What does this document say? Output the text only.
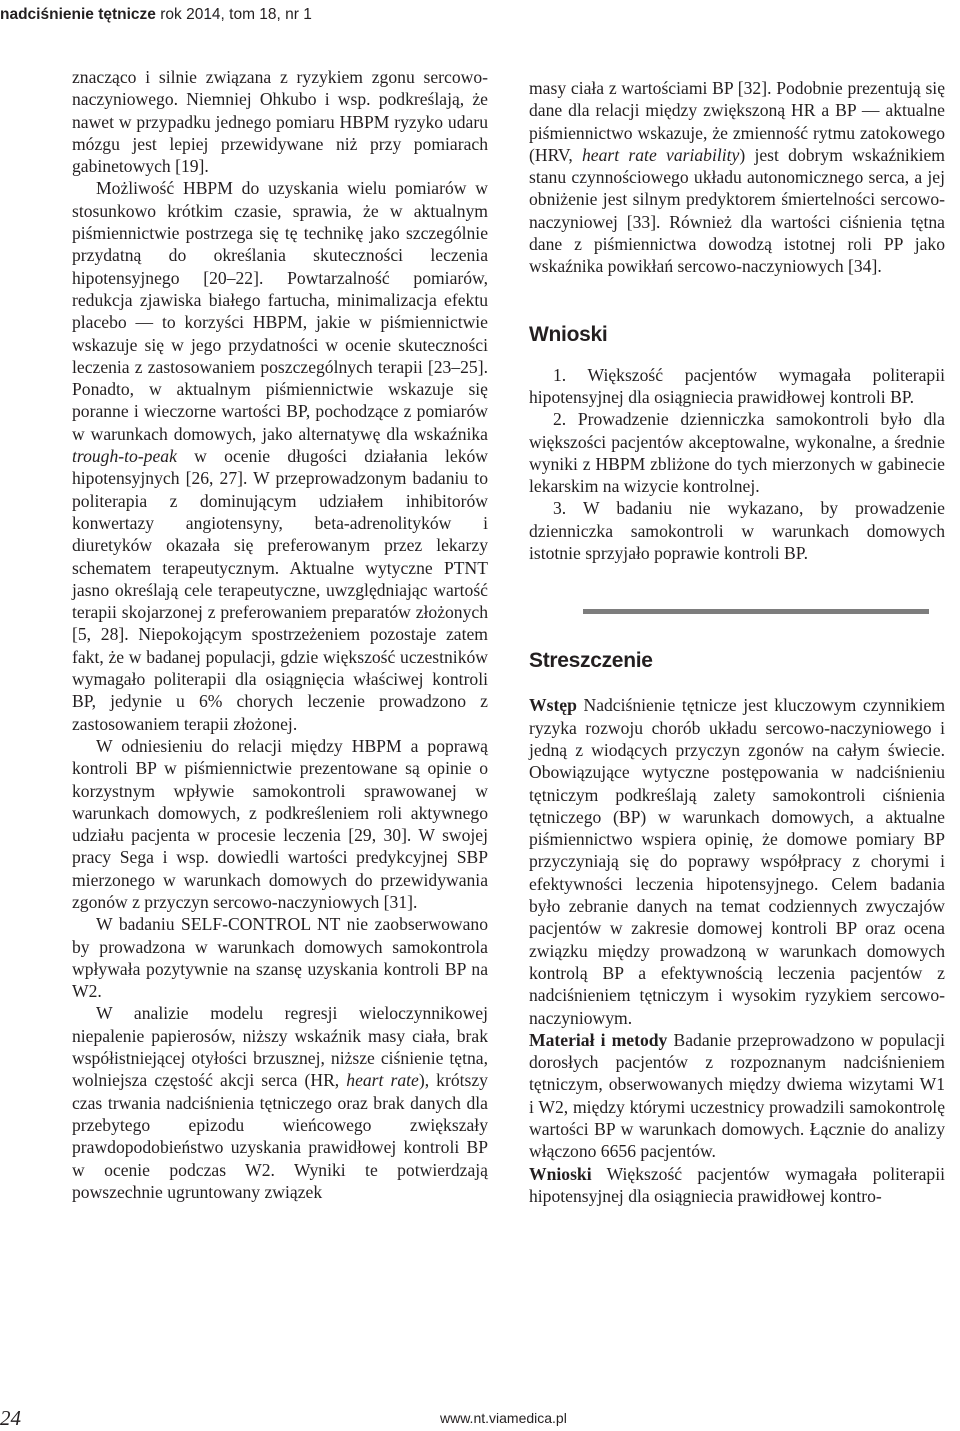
nadciśnienie tętnicze rok 2014, tom 18, nr 1

znacząco i silnie związana z ryzykiem zgonu sercowo-naczyniowego. Niemniej Ohkubo i wsp. podkreślają, że nawet w przypadku jednego pomiaru HBPM ryzyko udaru mózgu jest lepiej przewidywane niż przy pomiarach gabinetowych [19].

Możliwość HBPM do uzyskania wielu pomiarów w stosunkowo krótkim czasie, sprawia, że w aktualnym piśmiennictwie postrzega się tę technikę jako szczególnie przydatną do określania skuteczności leczenia hipotensyjnego [20–22]. Powtarzalność pomiarów, redukcja zjawiska białego fartucha, minimalizacja efektu placebo — to korzyści HBPM, jakie w piśmiennictwie wskazuje się w jego przydatności w ocenie skuteczności leczenia z zastosowaniem poszczególnych terapii [23–25]. Ponadto, w aktualnym piśmiennictwie wskazuje się poranne i wieczorne wartości BP, pochodzące z pomiarów w warunkach domowych, jako alternatywę dla wskaźnika trough-to-peak w ocenie długości działania leków hipotensyjnych [26, 27]. W przeprowadzonym badaniu to politerapia z dominującym udziałem inhibitorów konwertazy angiotensyny, beta-adrenolityków i diuretyków okazała się preferowanym przez lekarzy schematem terapeutycznym. Aktualne wytyczne PTNT jasno określają cele terapeutyczne, uwzględniając wartość terapii skojarzonej z preferowaniem preparatów złożonych [5, 28]. Niepokojącym spostrzeżeniem pozostaje zatem fakt, że w badanej populacji, gdzie większość uczestników wymagało politerapii dla osiągnięcia właściwej kontroli BP, jedynie u 6% chorych leczenie prowadzono z zastosowaniem terapii złożonej.

W odniesieniu do relacji między HBPM a poprawą kontroli BP w piśmiennictwie prezentowane są opinie o korzystnym wpływie samokontroli sprawowanej w warunkach domowych, z podkreśleniem roli aktywnego udziału pacjenta w procesie leczenia [29, 30]. W swojej pracy Sega i wsp. dowiedli wartości predykcyjnej SBP mierzonego w warunkach domowych do przewidywania zgonów z przyczyn sercowo-naczyniowych [31].

W badaniu SELF-CONTROL NT nie zaobserwowano by prowadzona w warunkach domowych samokontrola wpływała pozytywnie na szansę uzyskania kontroli BP na W2.

W analizie modelu regresji wieloczynnikowej niepalenie papierosów, niższy wskaźnik masy ciała, brak współistniejącej otyłości brzusznej, niższe ciśnienie tętna, wolniejsza częstość akcji serca (HR, heart rate), krótszy czas trwania nadciśnienia tętniczego oraz brak danych dla przebytego epizodu wieńcowego zwiększały prawdopodobieństwo uzyskania prawidłowej kontroli BP w ocenie podczas W2. Wyniki te potwierdzają powszechnie ugruntowany związek

masy ciała z wartościami BP [32]. Podobnie prezentują się dane dla relacji między zwiększoną HR a BP — aktualne piśmiennictwo wskazuje, że zmienność rytmu zatokowego (HRV, heart rate variability) jest dobrym wskaźnikiem stanu czynnościowego układu autonomicznego serca, a jej obniżenie jest silnym predyktorem śmiertelności sercowo-naczyniowej [33]. Również dla wartości ciśnienia tętna dane z piśmiennictwa dowodzą istotnej roli PP jako wskaźnika powikłań sercowo-naczyniowych [34].

Wnioski

1. Większość pacjentów wymagała politerapii hipotensyjnej dla osiągniecia prawidłowej kontroli BP.

2. Prowadzenie dzienniczka samokontroli było dla większości pacjentów akceptowalne, wykonalne, a średnie wyniki z HBPM zbliżone do tych mierzonych w gabinecie lekarskim na wizycie kontrolnej.

3. W badaniu nie wykazano, by prowadzenie dzienniczka samokontroli w warunkach domowych istotnie sprzyjało poprawie kontroli BP.

Streszczenie

Wstęp Nadciśnienie tętnicze jest kluczowym czynnikiem ryzyka rozwoju chorób układu sercowo-naczyniowego i jedną z wiodących przyczyn zgonów na całym świecie. Obowiązujące wytyczne postępowania w nadciśnieniu tętniczym podkreślają zalety samokontroli ciśnienia tętniczego (BP) w warunkach domowych, a aktualne piśmiennictwo wspiera opinię, że domowe pomiary BP przyczyniają się do poprawy współpracy z chorymi i efektywności leczenia hipotensyjnego. Celem badania było zebranie danych na temat codziennych zwyczajów pacjentów w zakresie domowej kontroli BP oraz ocena związku między prowadzoną w warunkach domowych kontrolą BP a efektywnością leczenia pacjentów z nadciśnieniem tętniczym i wysokim ryzykiem sercowo-naczyniowym.

Materiał i metody Badanie przeprowadzono w populacji dorosłych pacjentów z rozpoznanym nadciśnieniem tętniczym, obserwowanych między dwiema wizytami W1 i W2, między którymi uczestnicy prowadzili samokontrolę wartości BP w warunkach domowych. Łącznie do analizy włączono 6656 pacjentów.

Wnioski Większość pacjentów wymagała politerapii hipotensyjnej dla osiągniecia prawidłowej kontro-

24	www.nt.viamedica.pl
